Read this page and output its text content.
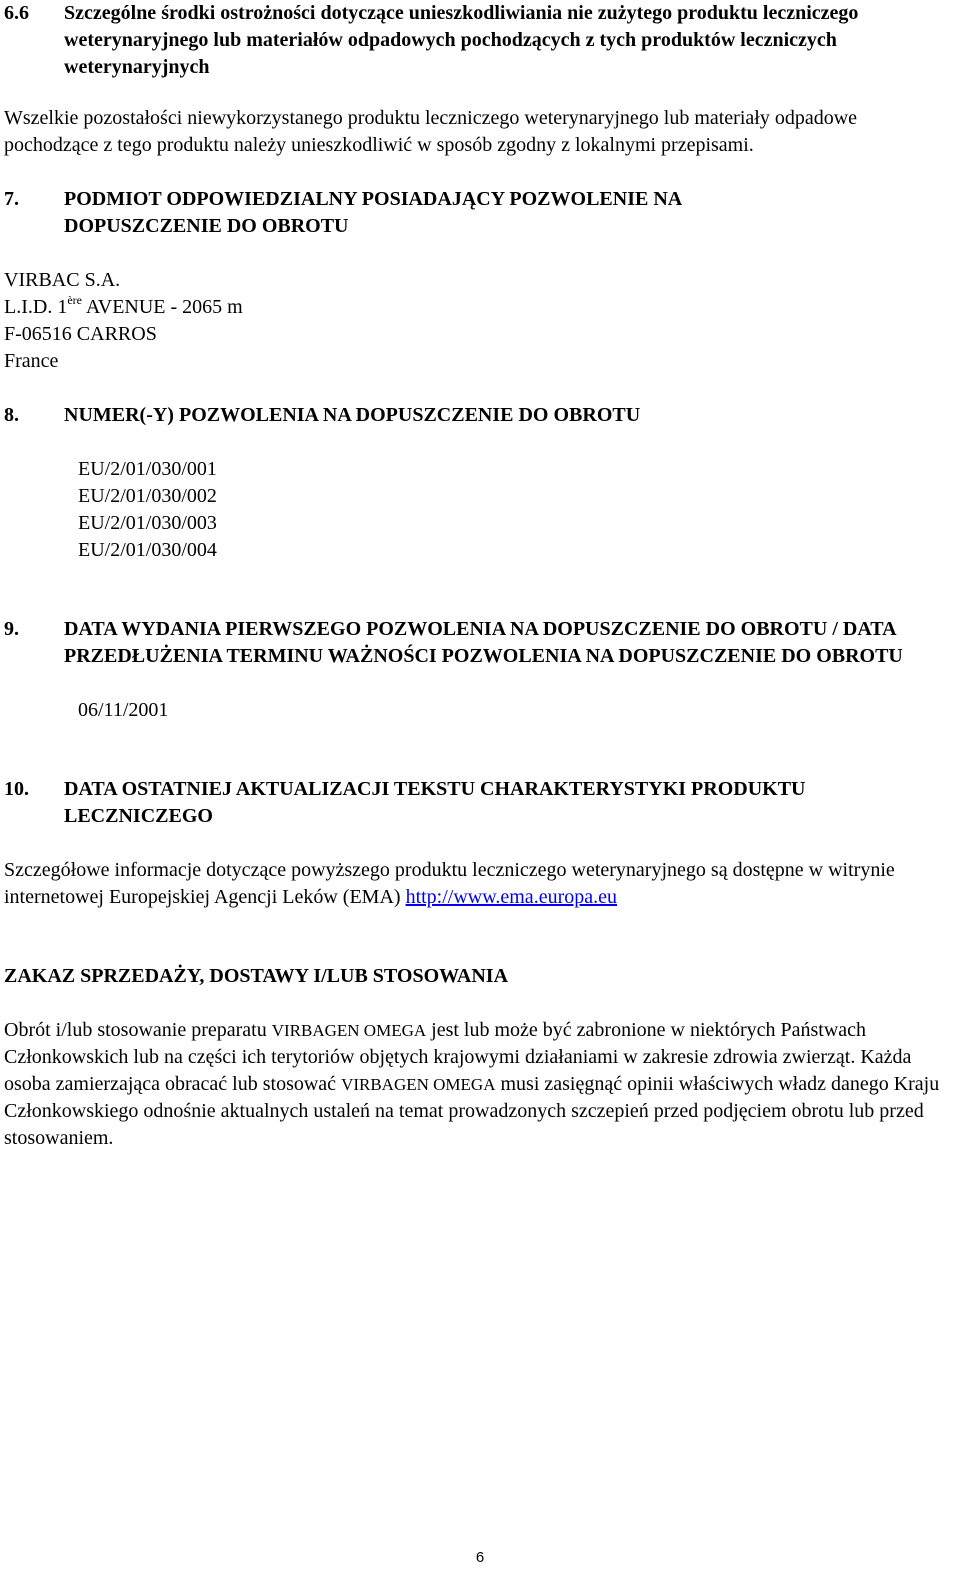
6.6	Szczególne środki ostrożności dotyczące unieszkodliwiania nie zużytego produktu leczniczego weterynaryjnego lub materiałów odpadowych pochodzących z tych produktów leczniczych weterynaryjnych

Wszelkie pozostałości niewykorzystanego produktu leczniczego weterynaryjnego lub materiały odpadowe pochodzące z tego produktu należy unieszkodliwić w sposób zgodny z lokalnymi przepisami.

7.	PODMIOT ODPOWIEDZIALNY POSIADAJĄCY POZWOLENIE NA DOPUSZCZENIE DO OBROTU

VIRBAC S.A.

L.I.D. 1ère AVENUE - 2065 m

F-06516 CARROS

France

8.	NUMER(-Y) POZWOLENIA NA DOPUSZCZENIE DO OBROTU

EU/2/01/030/001

EU/2/01/030/002

EU/2/01/030/003

EU/2/01/030/004

9.	DATA WYDANIA PIERWSZEGO POZWOLENIA NA DOPUSZCZENIE DO OBROTU / DATA PRZEDŁUŻENIA TERMINU WAŻNOŚCI POZWOLENIA NA DOPUSZCZENIE DO OBROTU

06/11/2001

10.	DATA OSTATNIEJ AKTUALIZACJI TEKSTU CHARAKTERYSTYKI PRODUKTU LECZNICZEGO

Szczegółowe informacje dotyczące powyższego produktu leczniczego weterynaryjnego są dostępne w witrynie internetowej Europejskiej Agencji Leków (EMA) http://www.ema.europa.eu

ZAKAZ SPRZEDAŻY, DOSTAWY I/LUB STOSOWANIA

Obrót i/lub stosowanie preparatu VIRBAGEN OMEGA jest lub może być zabronione w niektórych Państwach Członkowskich lub na części ich terytoriów objętych krajowymi działaniami w zakresie zdrowia zwierząt. Każda osoba zamierzająca obracać lub stosować VIRBAGEN OMEGA musi zasięgnąć opinii właściwych władz danego Kraju Członkowskiego odnośnie aktualnych ustaleń na temat prowadzonych szczepień przed podjęciem obrotu lub przed stosowaniem.

6
